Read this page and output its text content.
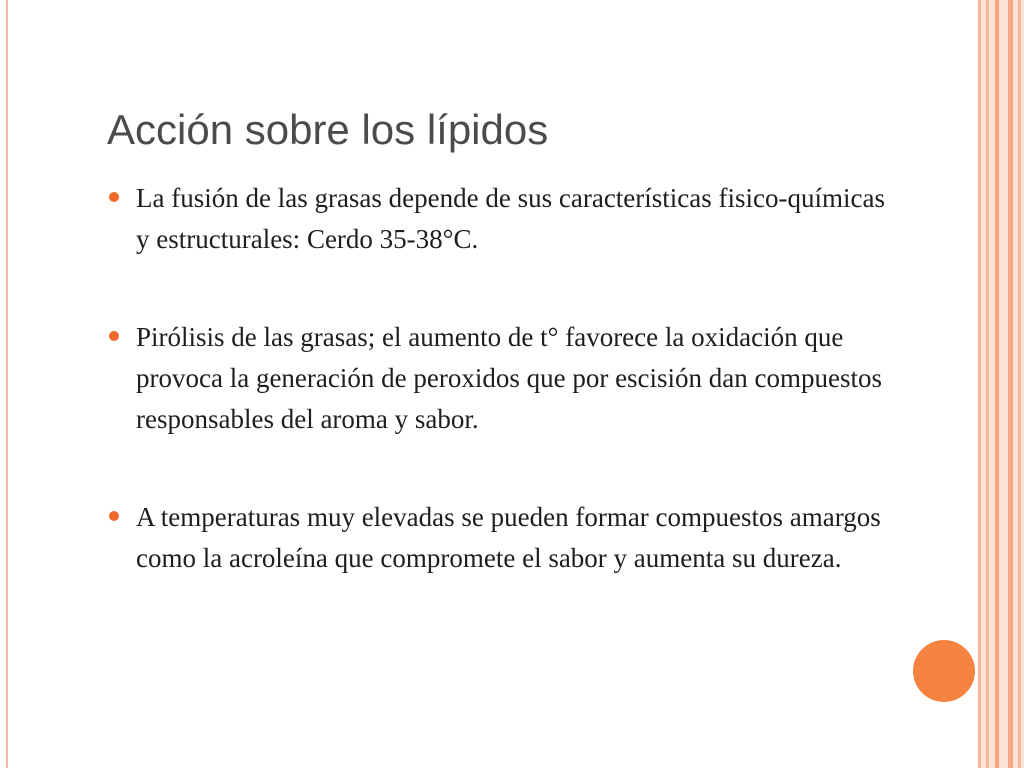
Acción sobre los lípidos
La fusión de las grasas depende de sus características fisico-químicas y estructurales: Cerdo 35-38°C.
Pirólisis de las grasas; el aumento de t° favorece la oxidación que provoca la generación de peroxidos que por escisión dan compuestos responsables del aroma y sabor.
A temperaturas muy elevadas se pueden formar compuestos amargos como la acroleína que compromete el sabor y aumenta su dureza.
